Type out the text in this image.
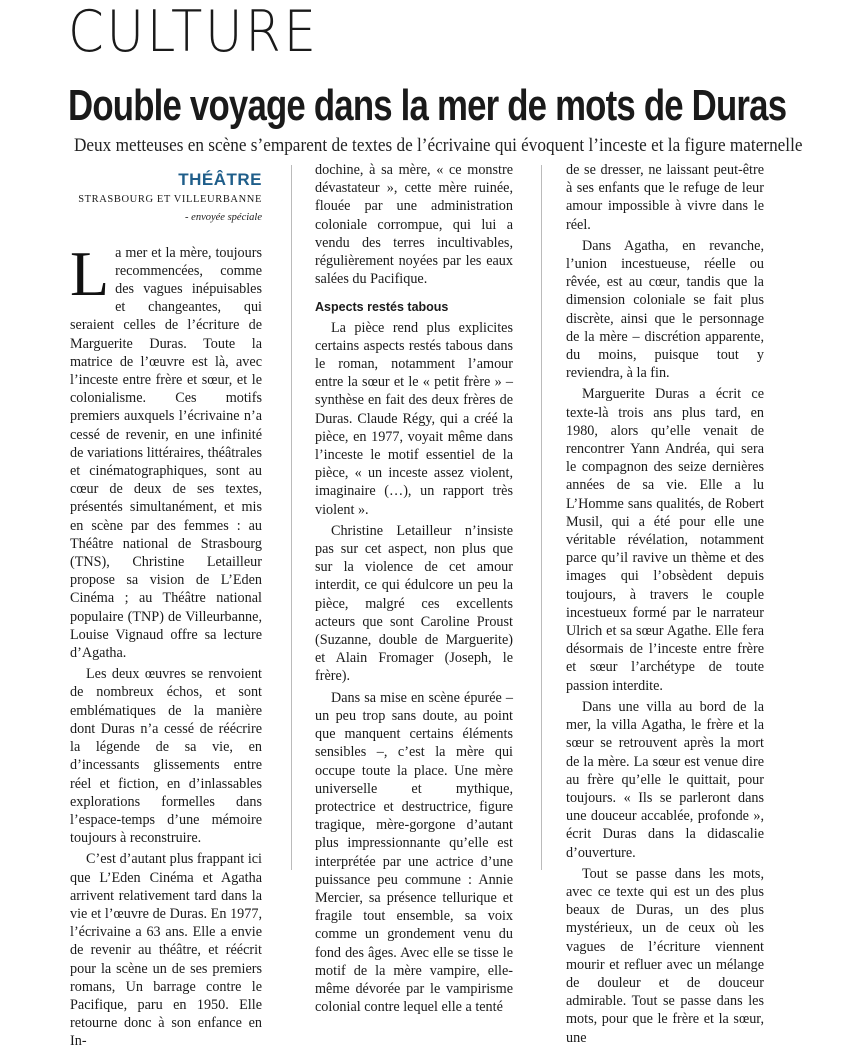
CULTURE
Double voyage dans la mer de mots de Duras
Deux metteuses en scène s’emparent de textes de l’écrivaine qui évoquent l’inceste et la figure maternelle
THÉÂTRE
STRASBOURG ET VILLEURBANNE
- envoyée spéciale

La mer et la mère, toujours recommencées, comme des vagues inépuisables et changeantes, qui seraient celles de l’écriture de Marguerite Duras. Toute la matrice de l’œuvre est là, avec l’inceste entre frère et sœur, et le colonialisme. Ces motifs premiers auxquels l’écrivaine n’a cessé de revenir, en une infinité de variations littéraires, théâtrales et cinématographiques, sont au cœur de deux de ses textes, présentés simultanément, et mis en scène par des femmes : au Théâtre national de Strasbourg (TNS), Christine Letailleur propose sa vision de L’Eden Cinéma ; au Théâtre national populaire (TNP) de Villeurbanne, Louise Vignaud offre sa lecture d’Agatha.

Les deux œuvres se renvoient de nombreux échos, et sont emblématiques de la manière dont Duras n’a cessé de réécrire la légende de sa vie, en d’incessants glissements entre réel et fiction, en d’inlassables explorations formelles dans l’espace-temps d’une mémoire toujours à reconstruire.

C’est d’autant plus frappant ici que L’Eden Cinéma et Agatha arrivent relativement tard dans la vie et l’œuvre de Duras. En 1977, l’écrivaine a 63 ans. Elle a envie de revenir au théâtre, et réécrit pour la scène un de ses premiers romans, Un barrage contre le Pacifique, paru en 1950. Elle retourne donc à son enfance en In-

dochine, à sa mère, « ce monstre dévastateur », cette mère ruinée, flouée par une administration coloniale corrompue, qui lui a vendu des terres incultivables, régulièrement noyées par les eaux salées du Pacifique.

Aspects restés tabous

La pièce rend plus explicites certains aspects restés tabous dans le roman, notamment l’amour entre la sœur et le « petit frère » – synthèse en fait des deux frères de Duras. Claude Régy, qui a créé la pièce, en 1977, voyait même dans l’inceste le motif essentiel de la pièce, « un inceste assez violent, imaginaire (…), un rapport très violent ».

Christine Letailleur n’insiste pas sur cet aspect, non plus que sur la violence de cet amour interdit, ce qui édulcore un peu la pièce, malgré ces excellents acteurs que sont Caroline Proust (Suzanne, double de Marguerite) et Alain Fromager (Joseph, le frère).

Dans sa mise en scène épurée – un peu trop sans doute, au point que manquent certains éléments sensibles –, c’est la mère qui occupe toute la place. Une mère universelle et mythique, protectrice et destructrice, figure tragique, mère-gorgone d’autant plus impressionnante qu’elle est interprétée par une actrice d’une puissance peu commune : Annie Mercier, sa présence tellurique et fragile tout ensemble, sa voix comme un grondement venu du fond des âges. Avec elle se tisse le motif de la mère vampire, elle-même dévorée par le vampirisme colonial contre lequel elle a tenté

de se dresser, ne laissant peut-être à ses enfants que le refuge de leur amour impossible à vivre dans le réel.

Dans Agatha, en revanche, l’union incestueuse, réelle ou rêvée, est au cœur, tandis que la dimension coloniale se fait plus discrète, ainsi que le personnage de la mère – discrétion apparente, du moins, puisque tout y reviendra, à la fin.

Marguerite Duras a écrit ce texte-là trois ans plus tard, en 1980, alors qu’elle venait de rencontrer Yann Andréa, qui sera le compagnon des seize dernières années de sa vie. Elle a lu L’Homme sans qualités, de Robert Musil, qui a été pour elle une véritable révélation, notamment parce qu’il ravive un thème et des images qui l’obsèdent depuis toujours, à travers le couple incestueux formé par le narrateur Ulrich et sa sœur Agathe. Elle fera désormais de l’inceste entre frère et sœur l’archétype de toute passion interdite.

Dans une villa au bord de la mer, la villa Agatha, le frère et la sœur se retrouvent après la mort de la mère. La sœur est venue dire au frère qu’elle le quittait, pour toujours. « Ils se parleront dans une douceur accablée, profonde », écrit Duras dans la didascalie d’ouverture.

Tout se passe dans les mots, avec ce texte qui est un des plus beaux de Duras, un des plus mystérieux, un de ceux où les vagues de l’écriture viennent mourir et refluer avec un mélange de douleur et de douceur admirable. Tout se passe dans les mots, pour que le frère et la sœur, une
